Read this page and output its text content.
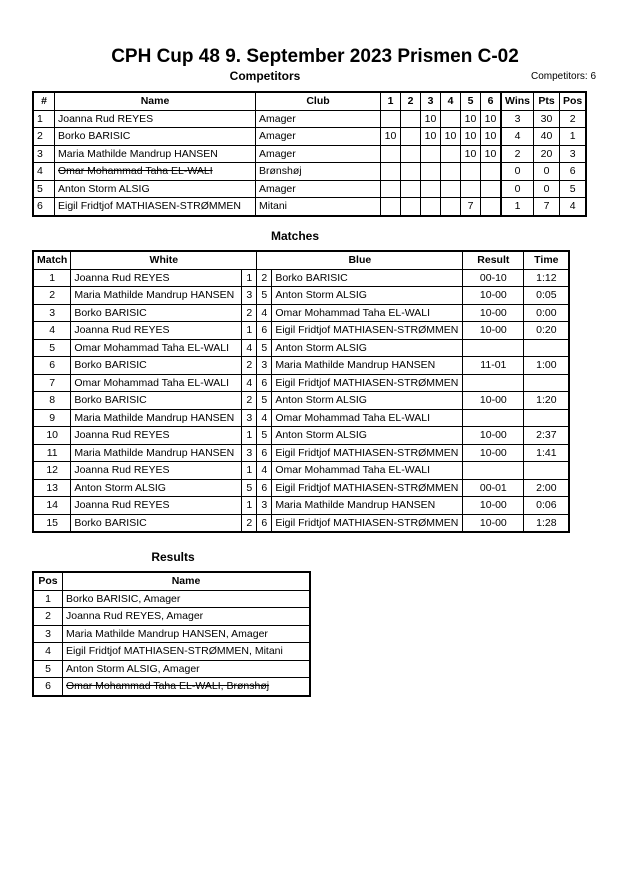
CPH Cup 48 9. September 2023 Prismen C-02
Competitors	Competitors: 6
#	Name	Club	1	2	3	4	5	6	Wins	Pts	Pos
1	Joanna Rud REYES	Amager			10		10	10	3	30	2
2	Borko BARISIC	Amager	10		10	10	10	10	4	40	1
3	Maria Mathilde Mandrup HANSEN	Amager					10	10	2	20	3
4	Omar Mohammad Taha EL-WALI	Brønshøj							0	0	6
5	Anton Storm ALSIG	Amager							0	0	5
6	Eigil Fridtjof MATHIASEN-STRØMMEN	Mitani					7		1	7	4
Matches
Match	White		Blue		Result	Time
1	Joanna Rud REYES	1	2	Borko BARISIC	00-10	1:12
2	Maria Mathilde Mandrup HANSEN	3	5	Anton Storm ALSIG	10-00	0:05
3	Borko BARISIC	2	4	Omar Mohammad Taha EL-WALI	10-00	0:00
4	Joanna Rud REYES	1	6	Eigil Fridtjof MATHIASEN-STRØMMEN	10-00	0:20
5	Omar Mohammad Taha EL-WALI	4	5	Anton Storm ALSIG		
6	Borko BARISIC	2	3	Maria Mathilde Mandrup HANSEN	11-01	1:00
7	Omar Mohammad Taha EL-WALI	4	6	Eigil Fridtjof MATHIASEN-STRØMMEN		
8	Borko BARISIC	2	5	Anton Storm ALSIG	10-00	1:20
9	Maria Mathilde Mandrup HANSEN	3	4	Omar Mohammad Taha EL-WALI		
10	Joanna Rud REYES	1	5	Anton Storm ALSIG	10-00	2:37
11	Maria Mathilde Mandrup HANSEN	3	6	Eigil Fridtjof MATHIASEN-STRØMMEN	10-00	1:41
12	Joanna Rud REYES	1	4	Omar Mohammad Taha EL-WALI		
13	Anton Storm ALSIG	5	6	Eigil Fridtjof MATHIASEN-STRØMMEN	00-01	2:00
14	Joanna Rud REYES	1	3	Maria Mathilde Mandrup HANSEN	10-00	0:06
15	Borko BARISIC	2	6	Eigil Fridtjof MATHIASEN-STRØMMEN	10-00	1:28
Results
Pos	Name
1	Borko BARISIC, Amager
2	Joanna Rud REYES, Amager
3	Maria Mathilde Mandrup HANSEN, Amager
4	Eigil Fridtjof MATHIASEN-STRØMMEN, Mitani
5	Anton Storm ALSIG, Amager
6	Omar Mohammad Taha EL-WALI, Brønshøj
